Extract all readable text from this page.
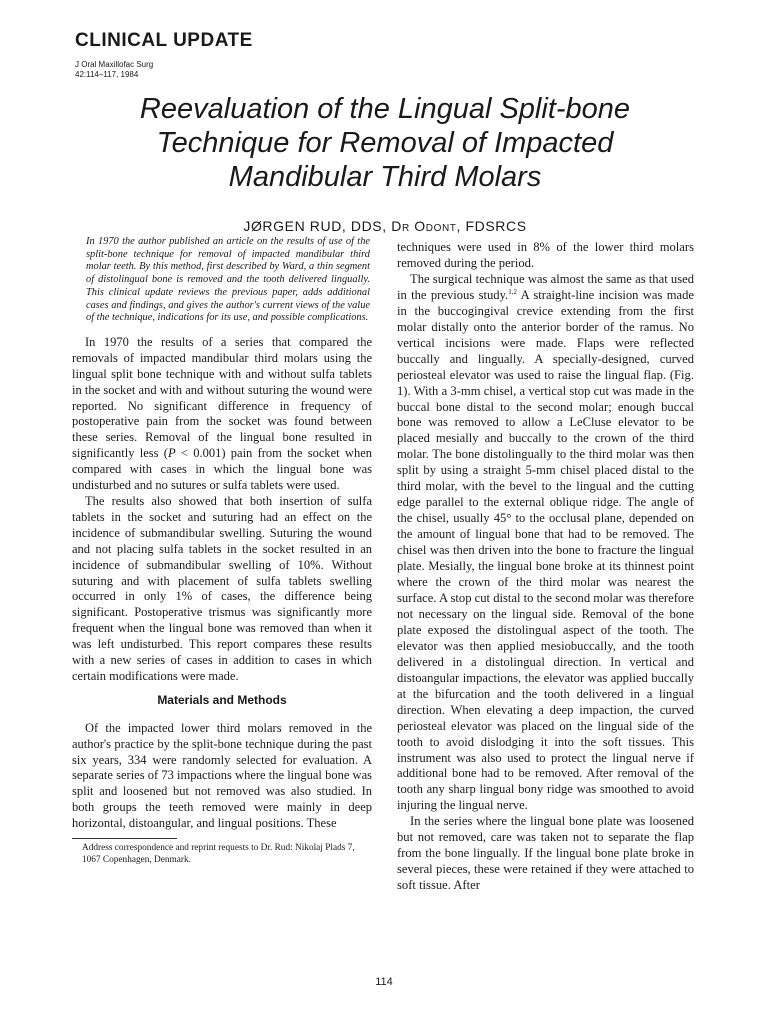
CLINICAL UPDATE
J Oral Maxillofac Surg
42:114–117, 1984
Reevaluation of the Lingual Split-bone
Technique for Removal of Impacted
Mandibular Third Molars
JØRGEN RUD, DDS, Dr Odont, FDSRCS

In 1970 the author published an article on the results of use of the split-bone technique for removal of impacted mandibular third molar teeth. By this method, first described by Ward, a thin segment of distolingual bone is removed and the tooth delivered lingually. This clinical update reviews the previous paper, adds additional cases and findings, and gives the author's current views of the value of the technique, indications for its use, and possible complications.

In 1970 the results of a series that compared the removals of impacted mandibular third molars using the lingual split bone technique with and without sulfa tablets in the socket and with and without suturing the wound were reported. No significant difference in frequency of postoperative pain from the socket was found between these series. Removal of the lingual bone resulted in significantly less (P < 0.001) pain from the socket when compared with cases in which the lingual bone was undisturbed and no sutures or sulfa tablets were used.

The results also showed that both insertion of sulfa tablets in the socket and suturing had an effect on the incidence of submandibular swelling. Suturing the wound and not placing sulfa tablets in the socket resulted in an incidence of submandibular swelling of 10%. Without suturing and with placement of sulfa tablets swelling occurred in only 1% of cases, the difference being significant. Postoperative trismus was significantly more frequent when the lingual bone was removed than when it was left undisturbed. This report compares these results with a new series of cases in addition to cases in which certain modifications were made.

Materials and Methods

Of the impacted lower third molars removed in the author's practice by the split-bone technique during the past six years, 334 were randomly selected for evaluation. A separate series of 73 impactions where the lingual bone was split and loosened but not removed was also studied. In both groups the teeth removed were mainly in deep horizontal, distoangular, and lingual positions. These

Address correspondence and reprint requests to Dr. Rud: Nikolaj Plads 7, 1067 Copenhagen, Denmark.

techniques were used in 8% of the lower third molars removed during the period.

The surgical technique was almost the same as that used in the previous study.$^{1,2}$ A straight-line incision was made in the buccogingival crevice extending from the first molar distally onto the anterior border of the ramus. No vertical incisions were made. Flaps were reflected buccally and lingually. A specially-designed, curved periosteal elevator was used to raise the lingual flap. (Fig. 1). With a 3-mm chisel, a vertical stop cut was made in the buccal bone distal to the second molar; enough buccal bone was removed to allow a LeCluse elevator to be placed mesially and buccally to the crown of the third molar. The bone distolingually to the third molar was then split by using a straight 5-mm chisel placed distal to the third molar, with the bevel to the lingual and the cutting edge parallel to the external oblique ridge. The angle of the chisel, usually 45° to the occlusal plane, depended on the amount of lingual bone that had to be removed. The chisel was then driven into the bone to fracture the lingual plate. Mesially, the lingual bone broke at its thinnest point where the crown of the third molar was nearest the surface. A stop cut distal to the second molar was therefore not necessary on the lingual side. Removal of the bone plate exposed the distolingual aspect of the tooth. The elevator was then applied mesiobuccally, and the tooth delivered in a distolingual direction. In vertical and distoangular impactions, the elevator was applied buccally at the bifurcation and the tooth delivered in a lingual direction. When elevating a deep impaction, the curved periosteal elevator was placed on the lingual side of the tooth to avoid dislodging it into the soft tissues. This instrument was also used to protect the lingual nerve if additional bone had to be removed. After removal of the tooth any sharp lingual bony ridge was smoothed to avoid injuring the lingual nerve.

In the series where the lingual bone plate was loosened but not removed, care was taken not to separate the flap from the bone lingually. If the lingual bone plate broke in several pieces, these were retained if they were attached to soft tissue. After

114
